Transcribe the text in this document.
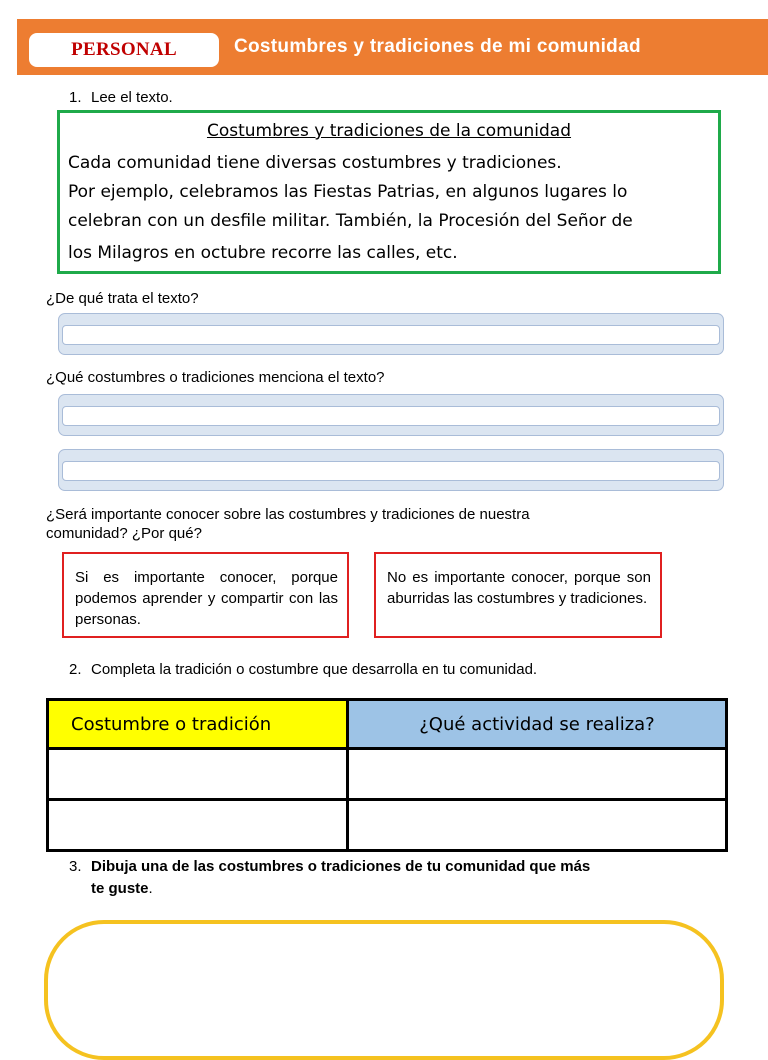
PERSONAL	Costumbres y tradiciones de mi comunidad
1. Lee el texto.
Costumbres y tradiciones de la comunidad
Cada comunidad tiene diversas costumbres y tradiciones.
Por ejemplo, celebramos las Fiestas Patrias, en algunos lugares lo
celebran con un desfile militar. También, la Procesión del Señor de
los Milagros en octubre recorre las calles, etc.
¿De qué trata el texto?
¿Qué costumbres o tradiciones menciona el texto?
¿Será importante conocer sobre las costumbres y tradiciones de nuestra
comunidad? ¿Por qué?
Si es importante conocer, porque podemos aprender y compartir con las personas.
No es importante conocer, porque son aburridas las costumbres y tradiciones.
2. Completa la tradición o costumbre que desarrolla en tu comunidad.
Costumbre o tradición	¿Qué actividad se realiza?

3. Dibuja una de las costumbres o tradiciones de tu comunidad que más
te guste.
